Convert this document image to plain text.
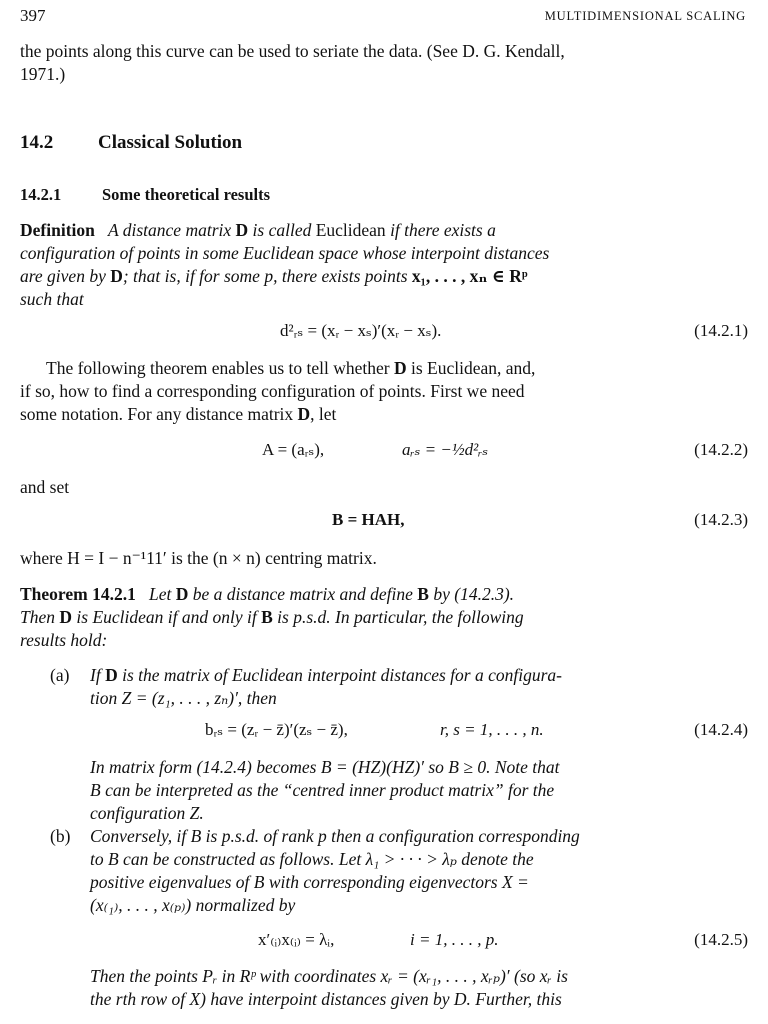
397	MULTIDIMENSIONAL SCALING
the points along this curve can be used to seriate the data. (See D. G. Kendall,
1971.)
14.2 Classical Solution
14.2.1 Some theoretical results
Definition A distance matrix D is called Euclidean if there exists a
configuration of points in some Euclidean space whose interpoint distances
are given by D; that is, if for some p, there exists points x₁, . . . , xₙ ∈ Rᵖ
such that
d²ᵣₛ = (xᵣ − xₛ)′(xᵣ − xₛ).	(14.2.1)
The following theorem enables us to tell whether D is Euclidean, and,
if so, how to find a corresponding configuration of points. First we need
some notation. For any distance matrix D, let
A = (aᵣₛ),	aᵣₛ = −½d²ᵣₛ	(14.2.2)
and set
B = HAH,	(14.2.3)
where H = I − n⁻¹11′ is the (n × n) centring matrix.
Theorem 14.2.1 Let D be a distance matrix and define B by (14.2.3).
Then D is Euclidean if and only if B is p.s.d. In particular, the following
results hold:
(a) If D is the matrix of Euclidean interpoint distances for a configura-
tion Z = (z₁, . . . , zₙ)′, then
bᵣₛ = (zᵣ − z̄)′(zₛ − z̄),	r, s = 1, . . . , n.	(14.2.4)
In matrix form (14.2.4) becomes B = (HZ)(HZ)′ so B ≥ 0. Note that
B can be interpreted as the “centred inner product matrix” for the
configuration Z.
(b) Conversely, if B is p.s.d. of rank p then a configuration corresponding
to B can be constructed as follows. Let λ₁ > · · · > λₚ denote the
positive eigenvalues of B with corresponding eigenvectors X =
(x₍₁₎, . . . , x₍ₚ₎) normalized by
x′₍ᵢ₎x₍ᵢ₎ = λᵢ,	i = 1, . . . , p.	(14.2.5)
Then the points Pᵣ in Rᵖ with coordinates xᵣ = (xᵣ₁, . . . , xᵣₚ)′ (so xᵣ is
the rth row of X) have interpoint distances given by D. Further, this
